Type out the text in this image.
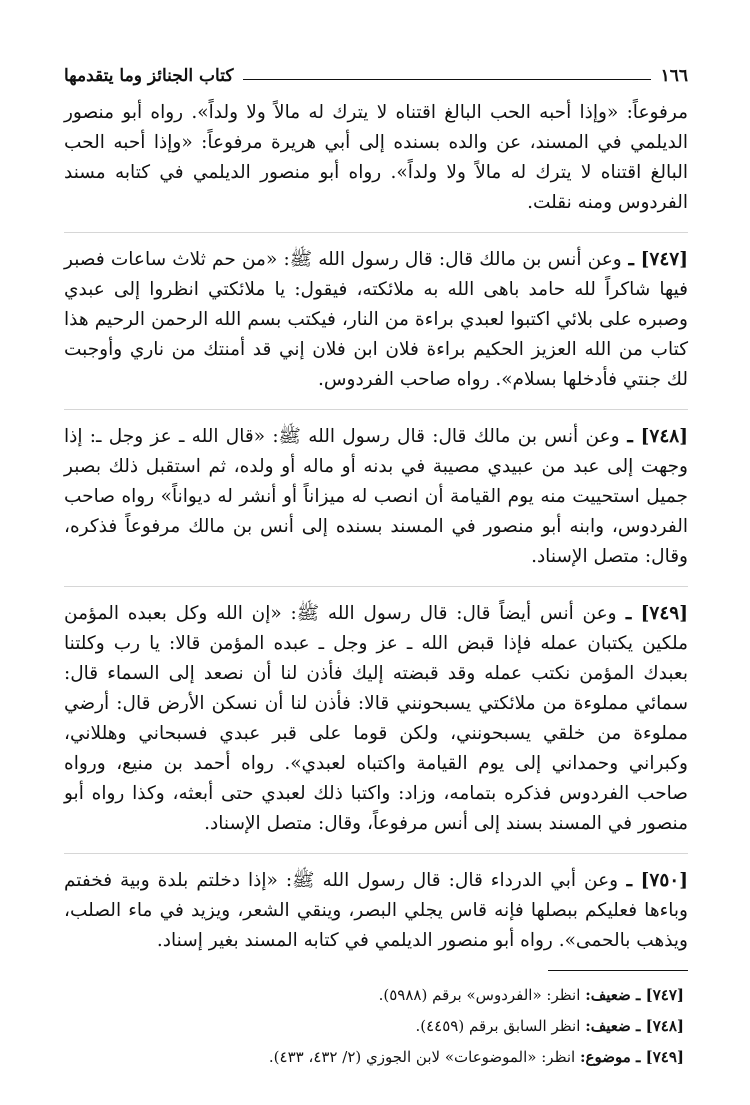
١٦٦
كتاب الجنائز وما يتقدمها

مرفوعاً: «وإذا أحبه الحب البالغ اقتناه لا يترك له مالاً ولا ولداً». رواه أبو منصور الديلمي في المسند، عن والده بسنده إلى أبي هريرة مرفوعاً: «وإذا أحبه الحب البالغ اقتناه لا يترك له مالاً ولا ولداً». رواه أبو منصور الديلمي في كتابه مسند الفردوس ومنه نقلت.

[٧٤٧] ـ وعن أنس بن مالك قال: قال رسول الله ﷺ: «من حم ثلاث ساعات فصبر فيها شاكراً لله حامد باهى الله به ملائكته، فيقول: يا ملائكتي انظروا إلى عبدي وصبره على بلائي اكتبوا لعبدي براءة من النار، فيكتب بسم الله الرحمن الرحيم هذا كتاب من الله العزيز الحكيم براءة فلان ابن فلان إني قد أمنتك من ناري وأوجبت لك جنتي فأدخلها بسلام». رواه صاحب الفردوس.

[٧٤٨] ـ وعن أنس بن مالك قال: قال رسول الله ﷺ: «قال الله ـ عز وجل ـ: إذا وجهت إلى عبد من عبيدي مصيبة في بدنه أو ماله أو ولده، ثم استقبل ذلك بصبر جميل استحييت منه يوم القيامة أن انصب له ميزاناً أو أنشر له ديواناً» رواه صاحب الفردوس، وابنه أبو منصور في المسند بسنده إلى أنس بن مالك مرفوعاً فذكره، وقال: متصل الإسناد.

[٧٤٩] ـ وعن أنس أيضاً قال: قال رسول الله ﷺ: «إن الله وكل بعبده المؤمن ملكين يكتبان عمله فإذا قبض الله ـ عز وجل ـ عبده المؤمن قالا: يا رب وكلتنا بعبدك المؤمن نكتب عمله وقد قبضته إليك فأذن لنا أن نصعد إلى السماء قال: سمائي مملوءة من ملائكتي يسبحونني قالا: فأذن لنا أن نسكن الأرض قال: أرضي مملوءة من خلقي يسبحونني، ولكن قوما على قبر عبدي فسبحاني وهللاني، وكبراني وحمداني إلى يوم القيامة واكتباه لعبدي». رواه أحمد بن منيع، ورواه صاحب الفردوس فذكره بتمامه، وزاد: واكتبا ذلك لعبدي حتى أبعثه، وكذا رواه أبو منصور في المسند بسند إلى أنس مرفوعاً، وقال: متصل الإسناد.

[٧٥٠] ـ وعن أبي الدرداء قال: قال رسول الله ﷺ: «إذا دخلتم بلدة وبية فخفتم وباءها فعليكم ببصلها فإنه قاس يجلي البصر، وينقي الشعر، ويزيد في ماء الصلب، ويذهب بالحمى». رواه أبو منصور الديلمي في كتابه المسند بغير إسناد.

[٧٤٧] ـ ضعيف: انظر: «الفردوس» برقم (٥٩٨٨).

[٧٤٨] ـ ضعيف: انظر السابق برقم (٤٤٥٩).

[٧٤٩] ـ موضوع: انظر: «الموضوعات» لابن الجوزي (٢/ ٤٣٢، ٤٣٣).
